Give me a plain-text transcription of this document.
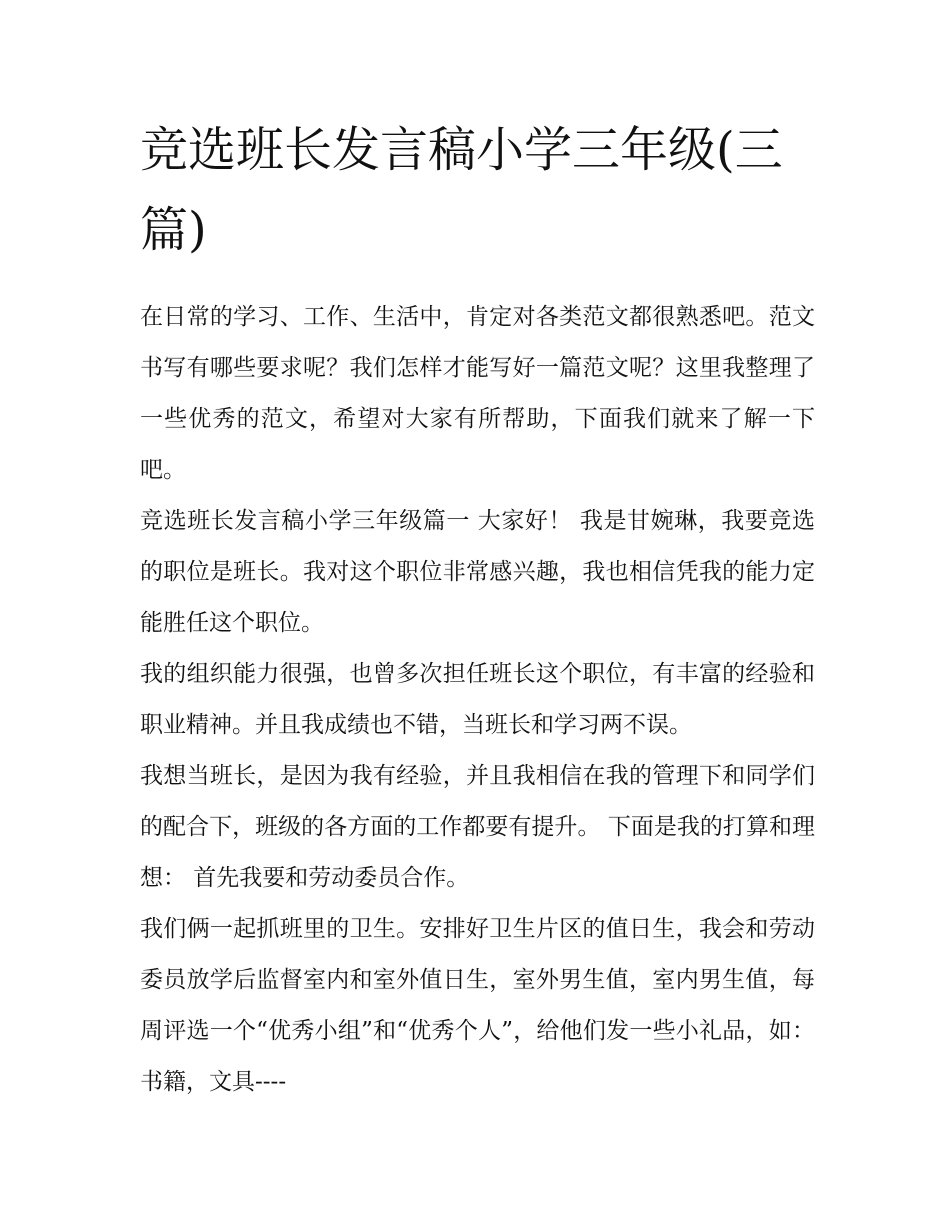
竞选班长发言稿小学三年级(三篇)

在日常的学习、工作、生活中，肯定对各类范文都很熟悉吧。范文书写有哪些要求呢？我们怎样才能写好一篇范文呢？这里我整理了一些优秀的范文，希望对大家有所帮助，下面我们就来了解一下吧。

竞选班长发言稿小学三年级篇一 大家好！ 我是甘婉琳，我要竞选的职位是班长。我对这个职位非常感兴趣，我也相信凭我的能力定能胜任这个职位。

我的组织能力很强，也曾多次担任班长这个职位，有丰富的经验和职业精神。并且我成绩也不错，当班长和学习两不误。

我想当班长，是因为我有经验，并且我相信在我的管理下和同学们的配合下，班级的各方面的工作都要有提升。 下面是我的打算和理想： 首先我要和劳动委员合作。

我们俩一起抓班里的卫生。安排好卫生片区的值日生，我会和劳动委员放学后监督室内和室外值日生，室外男生值，室内男生值，每周评选一个“优秀小组”和“优秀个人”，给他们发一些小礼品，如：书籍，文具----
